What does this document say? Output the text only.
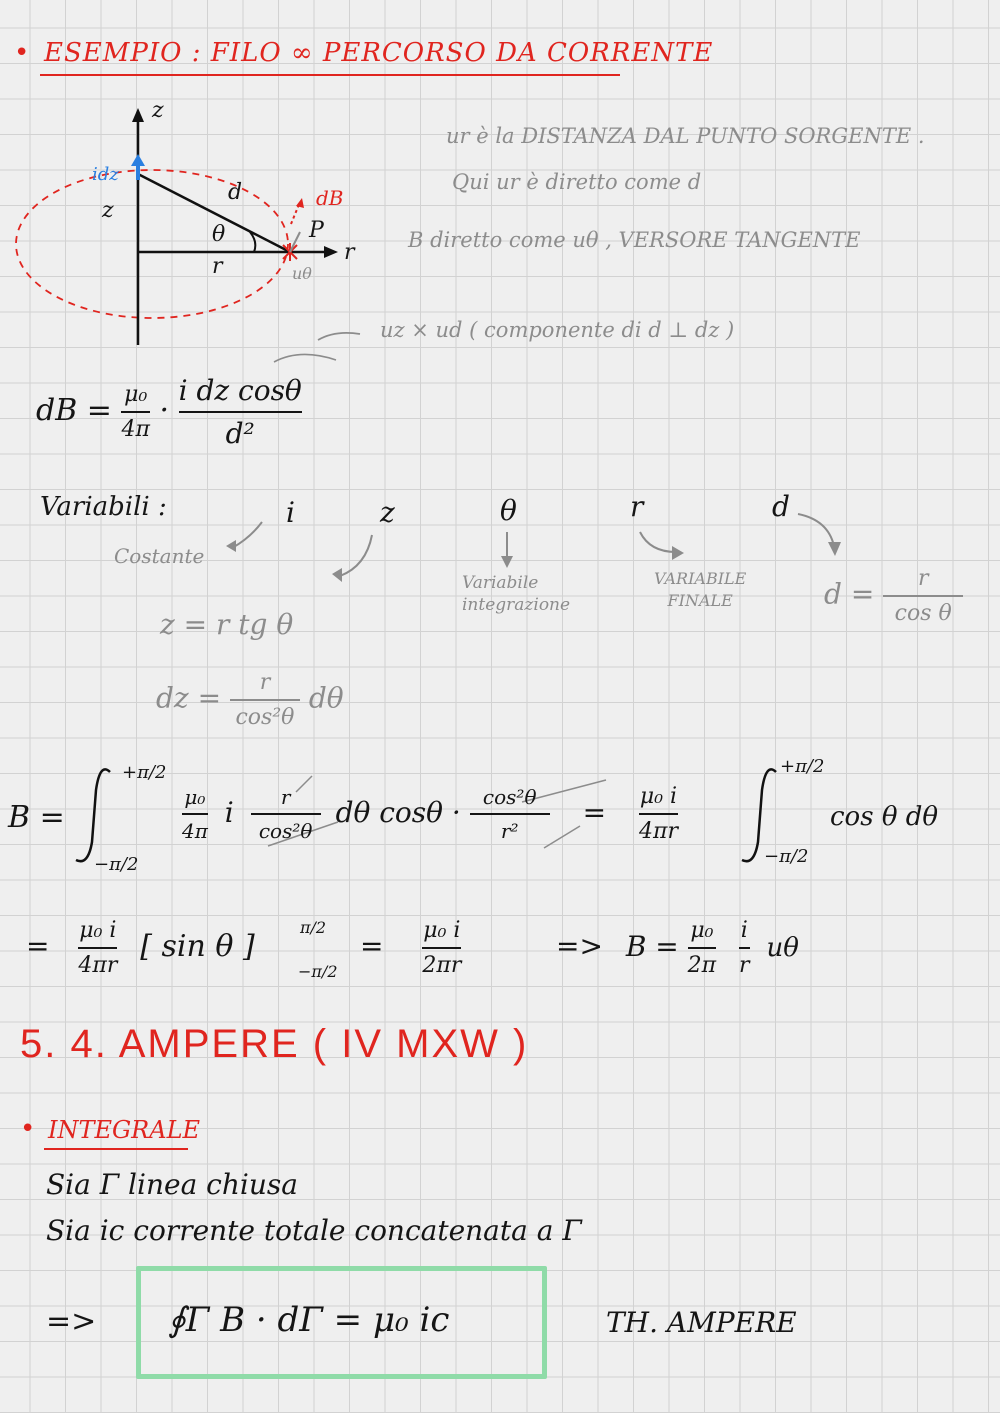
• ESEMPIO : FILO ∞ PERCORSO DA CORRENTE
z
idz
z
d
θ
r
P
r
dB
uθ
ur è la DISTANZA DAL PUNTO SORGENTE .
Qui ur è diretto come d
B diretto come uθ , VERSORE TANGENTE
uz × ud ( componente di d ⊥ dz )
dB = $\frac{\text{μ₀}}{4\pi} \cdot \frac{\text{i dz cosθ}}{\text{d²}}$
Variabili :	i	z	θ	r	d
Costante
Variabile
integrazione
VARIABILE
FINALE	$d = \frac{r}{\text{cos θ}}$
z = r tg θ
dz = $\frac{r}{\text{cos²θ}}$ dθ
B =
+π/2
−π/2
$\frac{\text{μ₀}}{4\pi}$ i $\frac{r}{\text{cos²θ}}$ dθ $\cos\theta \cdot \frac{\text{cos²θ}}{\text{r²}} = \frac{\text{μ₀ i}}{4\pi r}$
+π/2
−π/2
cos θ dθ
= $\frac{\text{μ₀ i}}{4\pi r}$ [ sin θ ]
π/2
−π/2
= $\frac{\text{μ₀ i}}{2\pi r}$	=> $B = \frac{\text{μ₀}}{2\pi}$
$\frac{i}{r}$ uθ
5. 4. AMPERE ( IV MXW )
• INTEGRALE
Sia Γ linea chiusa
Sia ic corrente totale concatenata a Γ
=> ∮Γ B · dΓ = μ₀ ic	TH. AMPERE
